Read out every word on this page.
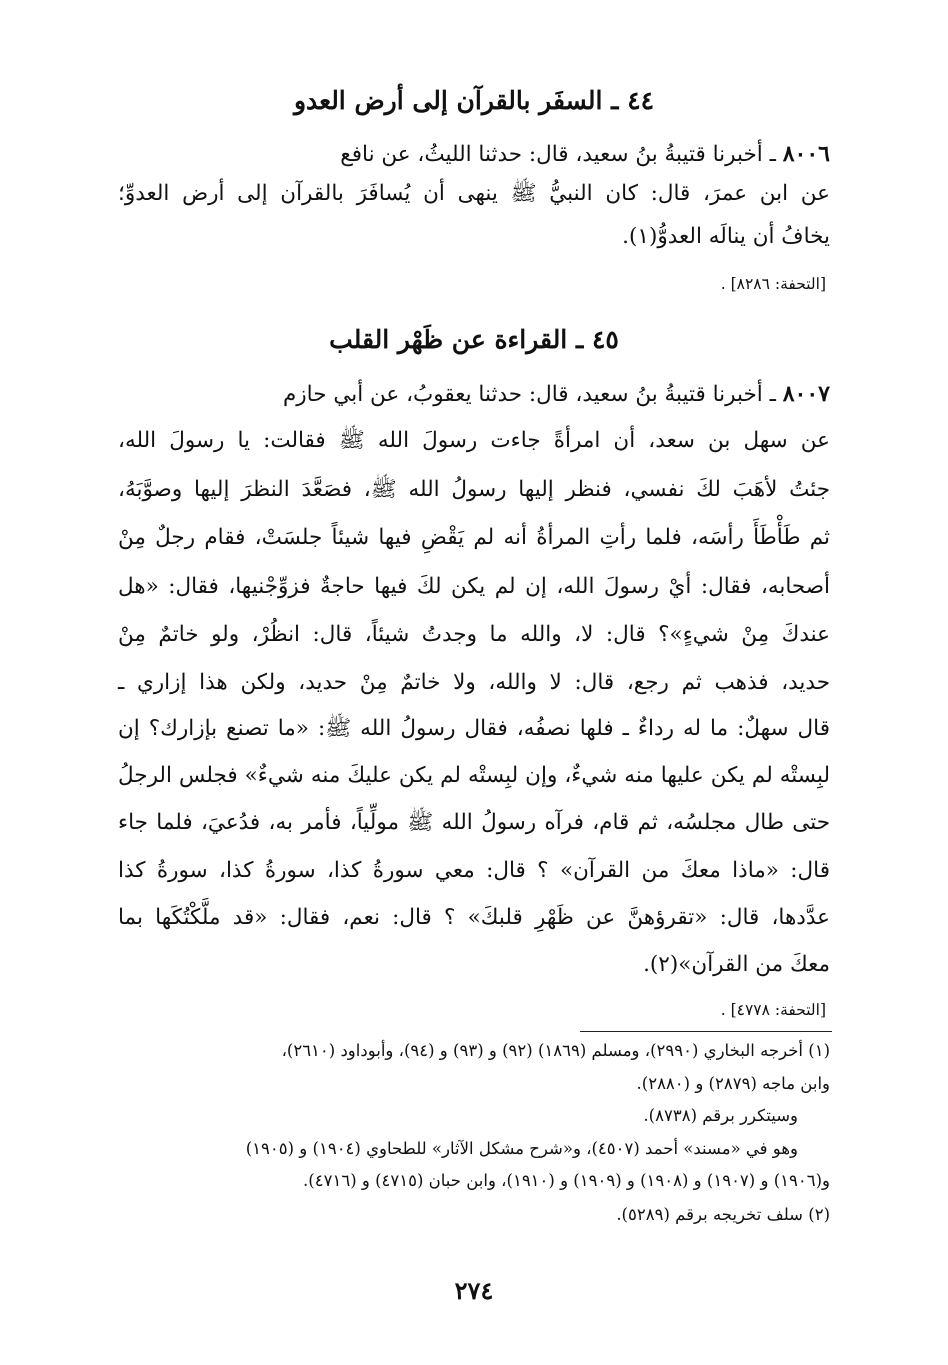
٤٤ ـ السفَر بالقرآن إلى أرض العدو
٨٠٠٦ ـ أخبرنا قتيبةُ بنُ سعيد، قال: حدثنا الليثُ، عن نافع
عن ابن عمرَ، قال: كان النبيُّ ﷺ ينهى أن يُسافَرَ بالقرآن إلى أرض العدوِّ؛
يخافُ أن ينالَه العدوُّ(١).
[التحفة: ٨٢٨٦] .
٤٥ ـ القراءة عن ظَهْر القلب
٨٠٠٧ ـ أخبرنا قتيبةُ بنُ سعيد، قال: حدثنا يعقوبُ، عن أبي حازم
عن سهل بن سعد، أن امرأةً جاءت رسولَ الله ﷺ فقالت: يا رسولَ الله،
جئتُ لأهَبَ لكَ نفسي، فنظر إليها رسولُ الله ﷺ، فصَعَّدَ النظرَ إليها وصوَّبَهُ،
ثم طَأْطَأَ رأسَه، فلما رأتِ المرأةُ أنه لم يَقْضِ فيها شيئاً جلسَتْ، فقام رجلٌ مِنْ
أصحابه، فقال: أيْ رسولَ الله، إن لم يكن لكَ فيها حاجةٌ فزوِّجْنيها، فقال: «هل
عندكَ مِنْ شيءٍ»؟ قال: لا، والله ما وجدتُ شيئاً، قال: انظُرْ، ولو خاتمٌ مِنْ
حديد، فذهب ثم رجع، قال: لا والله، ولا خاتمٌ مِنْ حديد، ولكن هذا إزاري ـ
قال سهلٌ: ما له رداءٌ ـ فلها نصفُه، فقال رسولُ الله ﷺ: «ما تصنع بإزارك؟ إن
لبِستْه لم يكن عليها منه شيءٌ، وإن لبِستْه لم يكن عليكَ منه شيءٌ» فجلس الرجلُ
حتى طال مجلسُه، ثم قام، فرآه رسولُ الله ﷺ مولِّياً، فأمر به، فدُعيَ، فلما جاء
قال: «ماذا معكَ من القرآن» ؟ قال: معي سورةُ كذا، سورةُ كذا، سورةُ كذا
عدَّدها، قال: «تقرؤهنَّ عن ظَهْرِ قلبكَ» ؟ قال: نعم، فقال: «قد ملَّكْتُكَها بما
معكَ من القرآن»(٢).
[التحفة: ٤٧٧٨] .
(١) أخرجه البخاري (٢٩٩٠)، ومسلم (١٨٦٩) (٩٢) و (٩٣) و (٩٤)، وأبوداود (٢٦١٠)،
وابن ماجه (٢٨٧٩) و (٢٨٨٠).
وسيتكرر برقم (٨٧٣٨).
وهو في «مسند» أحمد (٤٥٠٧)، و«شرح مشكل الآثار» للطحاوي (١٩٠٤) و (١٩٠٥)
و(١٩٠٦) و (١٩٠٧) و (١٩٠٨) و (١٩٠٩) و (١٩١٠)، وابن حبان (٤٧١٥) و (٤٧١٦).
(٢) سلف تخريجه برقم (٥٢٨٩).
٢٧٤
